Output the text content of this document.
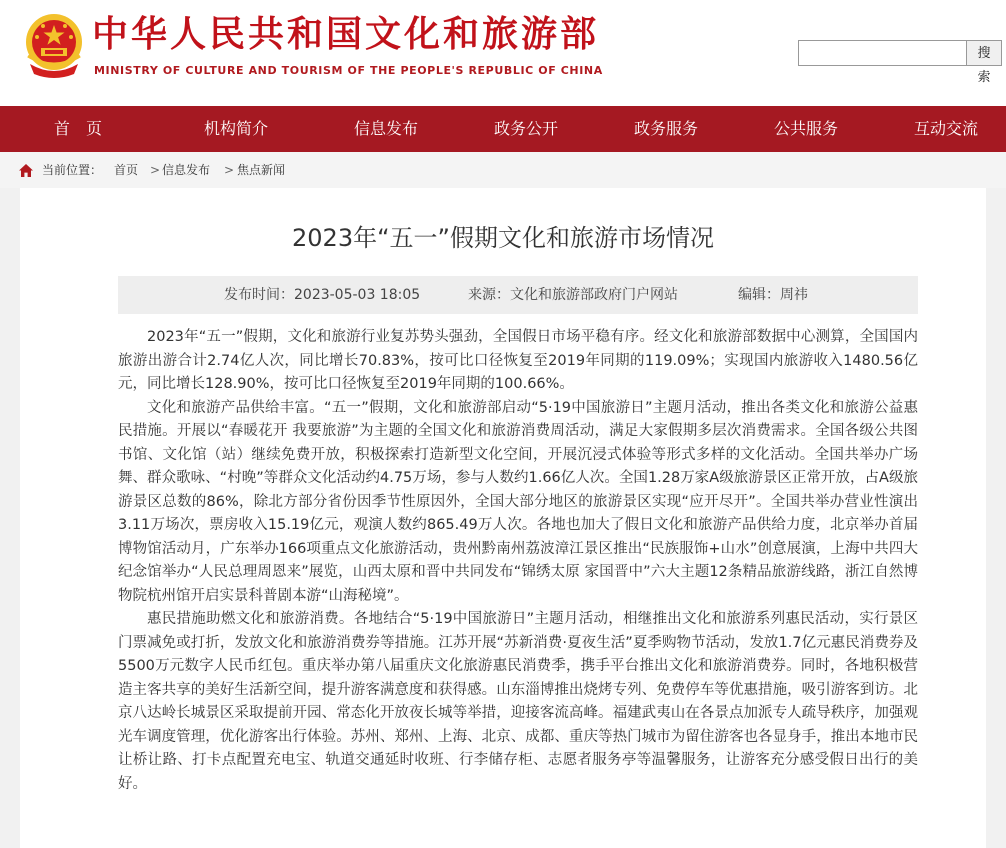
中华人民共和国文化和旅游部
MINISTRY OF CULTURE AND TOURISM OF THE PEOPLE'S REPUBLIC OF CHINA
搜索
首　页	机构简介	信息发布	政务公开	政务服务	公共服务	互动交流
当前位置： 首页 > 信息发布 > 焦点新闻
2023年“五一”假期文化和旅游市场情况
发布时间：2023-05-03 18:05	来源：文化和旅游部政府门户网站	编辑：周祎

2023年“五一”假期，文化和旅游行业复苏势头强劲，全国假日市场平稳有序。经文化和旅游部数据中心测算，全国国内旅游出游合计2.74亿人次，同比增长70.83%，按可比口径恢复至2019年同期的119.09%；实现国内旅游收入1480.56亿元，同比增长128.90%，按可比口径恢复至2019年同期的100.66%。

文化和旅游产品供给丰富。“五一”假期，文化和旅游部启动“5·19中国旅游日”主题月活动，推出各类文化和旅游公益惠民措施。开展以“春暖花开 我要旅游”为主题的全国文化和旅游消费周活动，满足大家假期多层次消费需求。全国各级公共图书馆、文化馆（站）继续免费开放，积极探索打造新型文化空间，开展沉浸式体验等形式多样的文化活动。全国共举办广场舞、群众歌咏、“村晚”等群众文化活动约4.75万场，参与人数约1.66亿人次。全国1.28万家A级旅游景区正常开放，占A级旅游景区总数的86%，除北方部分省份因季节性原因外，全国大部分地区的旅游景区实现“应开尽开”。全国共举办营业性演出3.11万场次，票房收入15.19亿元，观演人数约865.49万人次。各地也加大了假日文化和旅游产品供给力度，北京举办首届博物馆活动月，广东举办166项重点文化旅游活动，贵州黔南州荔波漳江景区推出“民族服饰+山水”创意展演，上海中共四大纪念馆举办“人民总理周恩来”展览，山西太原和晋中共同发布“锦绣太原 家国晋中”六大主题12条精品旅游线路，浙江自然博物院杭州馆开启实景科普剧本游“山海秘境”。

惠民措施助燃文化和旅游消费。各地结合“5·19中国旅游日”主题月活动，相继推出文化和旅游系列惠民活动，实行景区门票减免或打折，发放文化和旅游消费券等措施。江苏开展“苏新消费·夏夜生活”夏季购物节活动，发放1.7亿元惠民消费券及5500万元数字人民币红包。重庆举办第八届重庆文化旅游惠民消费季，携手平台推出文化和旅游消费券。同时，各地积极营造主客共享的美好生活新空间，提升游客满意度和获得感。山东淄博推出烧烤专列、免费停车等优惠措施，吸引游客到访。北京八达岭长城景区采取提前开园、常态化开放夜长城等举措，迎接客流高峰。福建武夷山在各景点加派专人疏导秩序，加强观光车调度管理，优化游客出行体验。苏州、郑州、上海、北京、成都、重庆等热门城市为留住游客也各显身手，推出本地市民让桥让路、打卡点配置充电宝、轨道交通延时收班、行李储存柜、志愿者服务亭等温馨服务，让游客充分感受假日出行的美好。
